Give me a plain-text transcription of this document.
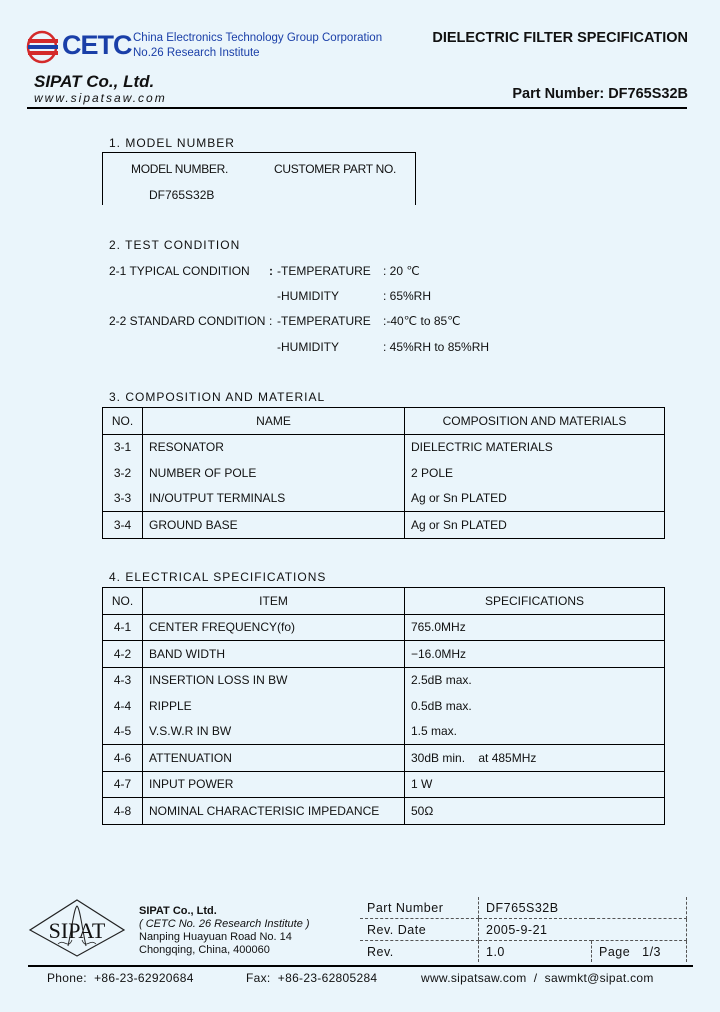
CETC China Electronics Technology Group Corporation
No.26 Research Institute
SIPAT Co., Ltd.
www.sipatsaw.com
DIELECTRIC FILTER SPECIFICATION
Part Number: DF765S32B
1. MODEL NUMBER
MODEL NUMBER.	CUSTOMER PART NO.
DF765S32B
2. TEST CONDITION
2-1 TYPICAL CONDITION : -TEMPERATURE : 20 ℃
-HUMIDITY	: 65%RH
2-2 STANDARD CONDITION : -TEMPERATURE :-40℃ to 85℃
-HUMIDITY	: 45%RH to 85%RH
3. COMPOSITION AND MATERIAL
NO.	NAME	COMPOSITION AND MATERIALS
3-1	RESONATOR	DIELECTRIC MATERIALS
3-2	NUMBER OF POLE	2 POLE
3-3	IN/OUTPUT TERMINALS	Ag or Sn PLATED
3-4	GROUND BASE	Ag or Sn PLATED
4. ELECTRICAL SPECIFICATIONS
NO.	ITEM	SPECIFICATIONS
4-1	CENTER FREQUENCY(fo)	765.0MHz
4-2	BAND WIDTH	−16.0MHz
4-3	INSERTION LOSS IN BW	2.5dB max.
4-4	RIPPLE	0.5dB max.
4-5	V.S.W.R IN BW	1.5 max.
4-6	ATTENUATION	30dB min.    at 485MHz
4-7	INPUT POWER	1 W
4-8	NOMINAL CHARACTERISIC IMPEDANCE	50Ω
SIPAT
SIPAT Co., Ltd.
( CETC No. 26 Research Institute )
Nanping Huayuan Road No. 14
Chongqing, China, 400060
Part Number	DF765S32B	
Rev. Date	2005-9-21	
Rev.	1.0	Page   1/3
Phone:  +86-23-62920684	Fax:  +86-23-62805284	www.sipatsaw.com  /  sawmkt@sipat.com
